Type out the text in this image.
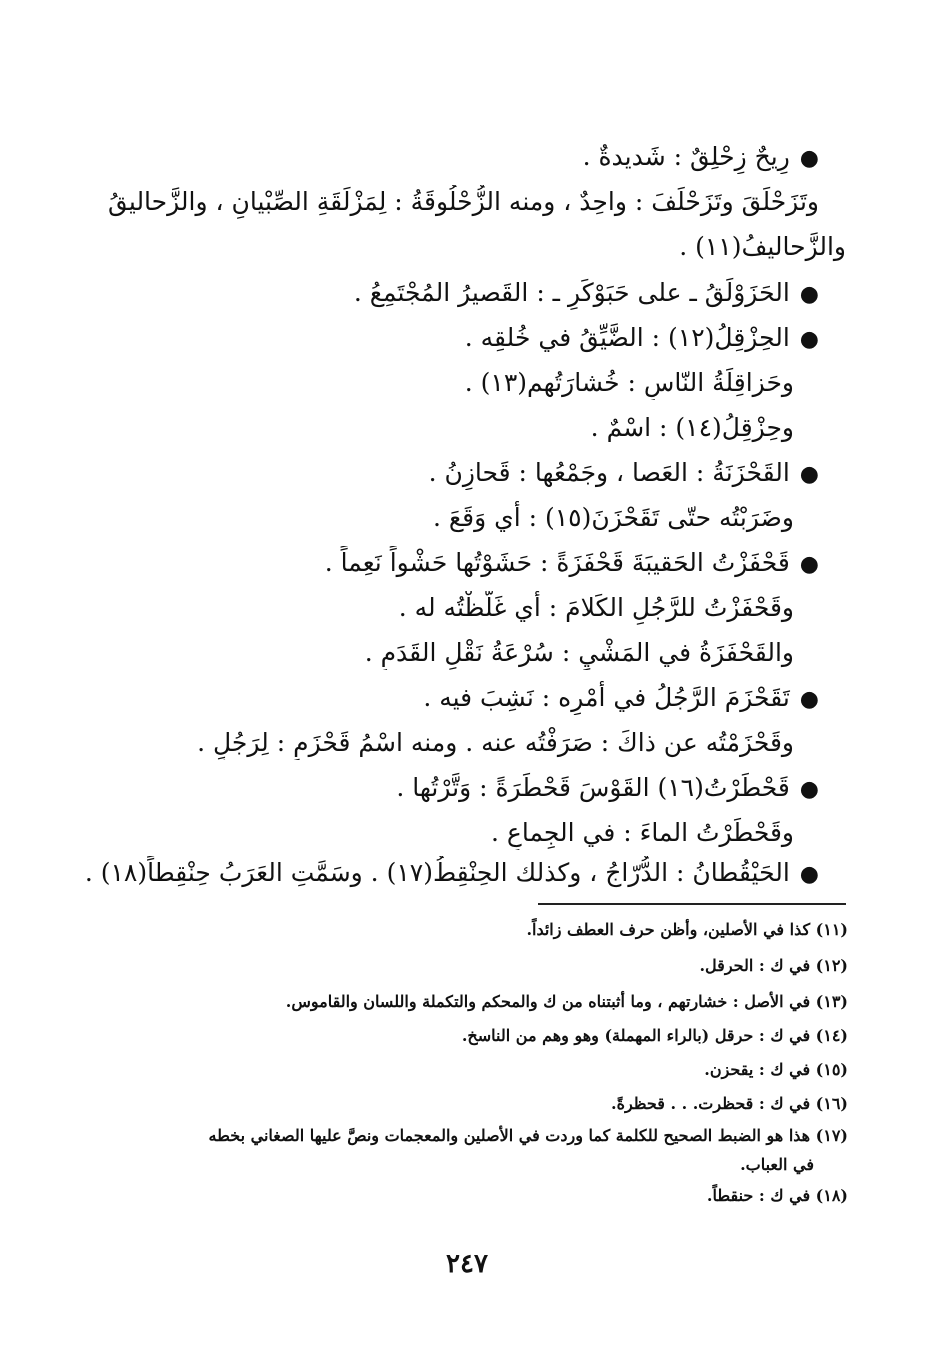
●رِيحٌ زِحْلِقٌ : شَديدةٌ .
وتَزَحْلَقَ وتَزَحْلَفَ : واحِدٌ ، ومنه الزُّحْلُوقَةُ : لِمَزْلَقَةِ الصِّبْيانِ ، والزَّحاليقُ
والزَّحاليفُ(١١) .
●الحَزَوْلَقُ ـ على حَبَوْكَرٍ ـ : القَصيرُ المُجْتَمِعُ .
●الحِزْقِلُ(١٢) : الضَّيِّقُ في خُلقِه .
وحَزاقِلَةُ النّاسِ : خُشارَتُهم(١٣) .
وحِزْقِلُ(١٤) : اسْمٌ .
●القَحْزَنَةُ : العَصا ، وجَمْعُها : قَحازِنُ .
وضَرَبْتُه حتّى تَقَحْزَنَ(١٥) : أي وَقَعَ .
●قَحْفَزْتُ الحَقيبَةَ قَحْفَزَةً : حَشَوْتُها حَشْواً نَعِماً .
وقَحْفَزْتُ للرَّجُلِ الكَلامَ : أي غَلَّظْتُه له .
والقَحْفَزَةُ في المَشْيِ : سُرْعَةُ نَقْلِ القَدَمِ .
●تَقَحْزَمَ الرَّجُلُ في أمْرِه : نَشِبَ فيه .
وقَحْزَمْتُه عن ذاكَ : صَرَفْتُه عنه . ومنه اسْمُ قَحْزَمٍ : لِرَجُلٍ .
●قَحْطَرْتُ(١٦) القَوْسَ قَحْطَرَةً : وَتَّرْتُها .
وقَحْطَرْتُ الماءَ : في الجِماعِ .
●الحَيْقُطانُ : الدُّرّاجُ ، وكذلك الحِنْقِطُ(١٧) . وسَمَّتِ العَرَبُ حِنْقِطاً(١٨) .
(١١) كذا في الأصلين، وأظن حرف العطف زائداً.
(١٢) في ك : الحرقل.
(١٣) في الأصل : خشارتهم ، وما أثبتناه من ك والمحكم والتكملة واللسان والقاموس.
(١٤) في ك : حرقل (بالراء المهملة) وهو وهم من الناسخ.
(١٥) في ك : يقحزن.
(١٦) في ك : قحظرت. . . قحظرةً.
(١٧) هذا هو الضبط الصحيح للكلمة كما وردت في الأصلين والمعجمات ونصَّ عليها الصغاني بخطه
في العباب.
(١٨) في ك : حنقطاً.
٢٤٧
